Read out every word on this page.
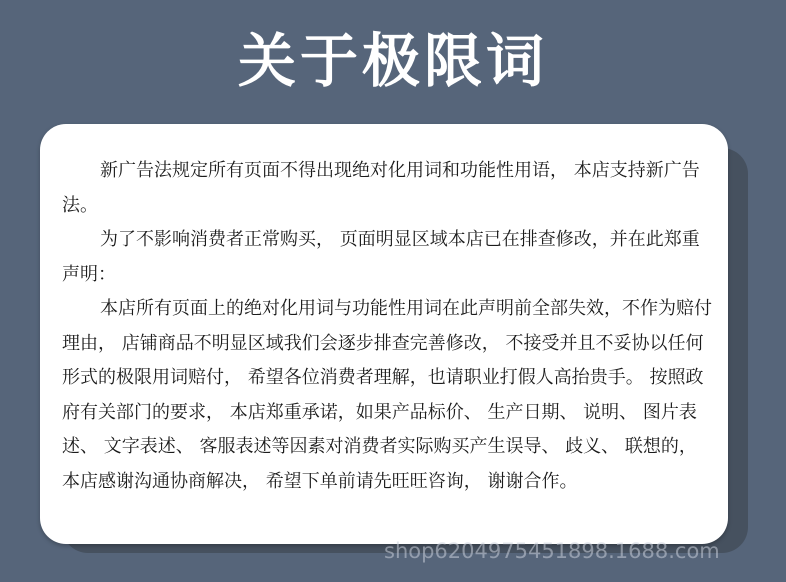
关于极限词

新广告法规定所有页面不得出现绝对化用词和功能性用语， 本店支持新广告法。

为了不影响消费者正常购买， 页面明显区域本店已在排查修改，并在此郑重声明：

本店所有页面上的绝对化用词与功能性用词在此声明前全部失效，不作为赔付理由， 店铺商品不明显区域我们会逐步排查完善修改， 不接受并且不妥协以任何形式的极限用词赔付， 希望各位消费者理解，也请职业打假人高抬贵手。 按照政府有关部门的要求， 本店郑重承诺，如果产品标价、 生产日期、 说明、 图片表述、 文字表述、 客服表述等因素对消费者实际购买产生误导、 歧义、 联想的， 本店感谢沟通协商解决， 希望下单前请先旺旺咨询， 谢谢合作。

shop6204975451898.1688.com
